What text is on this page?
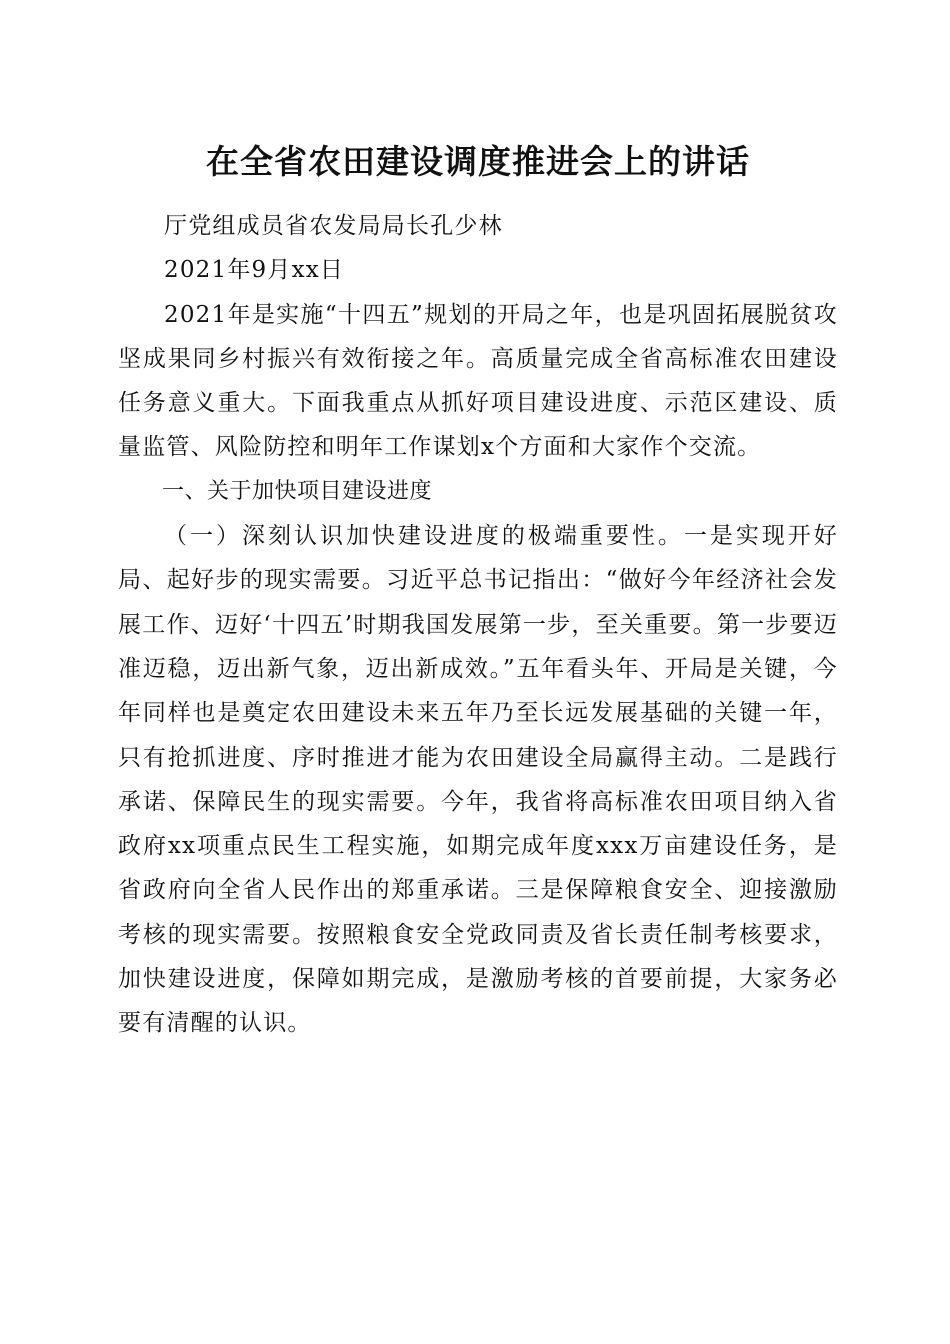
在全省农田建设调度推进会上的讲话

厅党组成员省农发局局长孔少林

2021年9月xx日

2021年是实施“十四五”规划的开局之年，也是巩固拓展脱贫攻坚成果同乡村振兴有效衔接之年。高质量完成全省高标准农田建设任务意义重大。下面我重点从抓好项目建设进度、示范区建设、质量监管、风险防控和明年工作谋划x个方面和大家作个交流。

一、关于加快项目建设进度

（一）深刻认识加快建设进度的极端重要性。一是实现开好局、起好步的现实需要。习近平总书记指出：“做好今年经济社会发展工作、迈好‘十四五’时期我国发展第一步，至关重要。第一步要迈准迈稳，迈出新气象，迈出新成效。”五年看头年、开局是关键，今年同样也是奠定农田建设未来五年乃至长远发展基础的关键一年，只有抢抓进度、序时推进才能为农田建设全局赢得主动。二是践行承诺、保障民生的现实需要。今年，我省将高标准农田项目纳入省政府xx项重点民生工程实施，如期完成年度xxx万亩建设任务，是省政府向全省人民作出的郑重承诺。三是保障粮食安全、迎接激励考核的现实需要。按照粮食安全党政同责及省长责任制考核要求，加快建设进度，保障如期完成，是激励考核的首要前提，大家务必要有清醒的认识。
